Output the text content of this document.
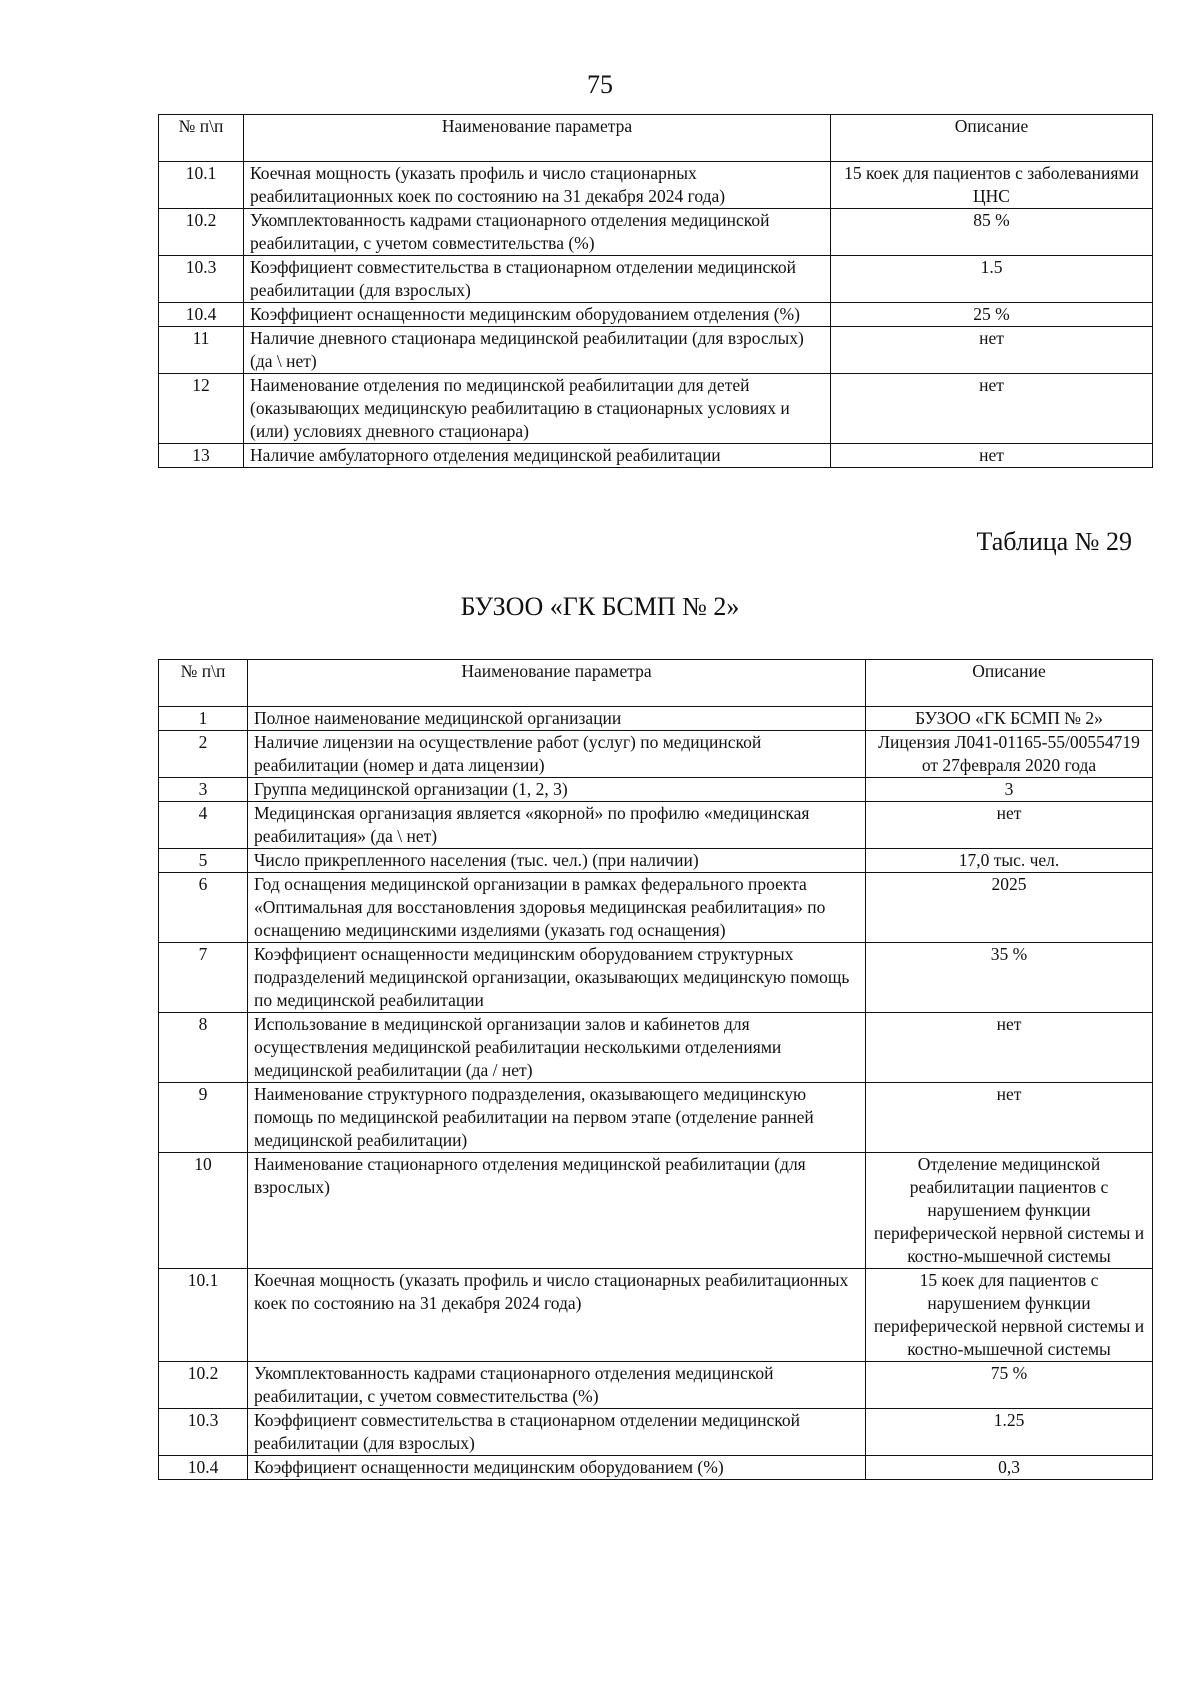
75
№ п\п	Наименование параметра	Описание
10.1	Коечная мощность (указать профиль и число стационарных реабилитационных коек по состоянию на 31 декабря 2024 года)	15 коек для пациентов с заболеваниями ЦНС
10.2	Укомплектованность кадрами стационарного отделения медицинской реабилитации, с учетом совместительства (%)	85 %
10.3	Коэффициент совместительства в стационарном отделении медицинской реабилитации (для взрослых)	1.5
10.4	Коэффициент оснащенности медицинским оборудованием отделения (%)	25 %
11	Наличие дневного стационара медицинской реабилитации (для взрослых) (да \ нет)	нет
12	Наименование отделения по медицинской реабилитации для детей (оказывающих медицинскую реабилитацию в стационарных условиях и (или) условиях дневного стационара)	нет
13	Наличие амбулаторного отделения медицинской реабилитации	нет
Таблица № 29
БУЗОО «ГК БСМП № 2»
№ п\п	Наименование параметра	Описание
1	Полное наименование медицинской организации	БУЗОО «ГК БСМП № 2»
2	Наличие лицензии на осуществление работ (услуг) по медицинской реабилитации (номер и дата лицензии)	Лицензия Л041-01165-55/00554719 от 27февраля 2020 года
3	Группа медицинской организации (1, 2, 3)	3
4	Медицинская организация является «якорной» по профилю «медицинская реабилитация» (да \ нет)	нет
5	Число прикрепленного населения (тыс. чел.) (при наличии)	17,0 тыс. чел.
6	Год оснащения медицинской организации в рамках федерального проекта «Оптимальная для восстановления здоровья медицинская реабилитация» по оснащению медицинскими изделиями (указать год оснащения)	2025
7	Коэффициент оснащенности медицинским оборудованием структурных подразделений медицинской организации, оказывающих медицинскую помощь по медицинской реабилитации	35 %
8	Использование в медицинской организации залов и кабинетов для осуществления медицинской реабилитации несколькими отделениями медицинской реабилитации (да / нет)	нет
9	Наименование структурного подразделения, оказывающего медицинскую помощь по медицинской реабилитации на первом этапе (отделение ранней медицинской реабилитации)	нет
10	Наименование стационарного отделения медицинской реабилитации (для взрослых)	Отделение медицинской реабилитации пациентов с нарушением функции периферической нервной системы и костно-мышечной системы
10.1	Коечная мощность (указать профиль и число стационарных реабилитационных коек по состоянию на 31 декабря 2024 года)	15 коек для пациентов с нарушением функции периферической нервной системы и костно-мышечной системы
10.2	Укомплектованность кадрами стационарного отделения медицинской реабилитации, с учетом совместительства (%)	75 %
10.3	Коэффициент совместительства в стационарном отделении медицинской реабилитации (для взрослых)	1.25
10.4	Коэффициент оснащенности медицинским оборудованием (%)	0,3
